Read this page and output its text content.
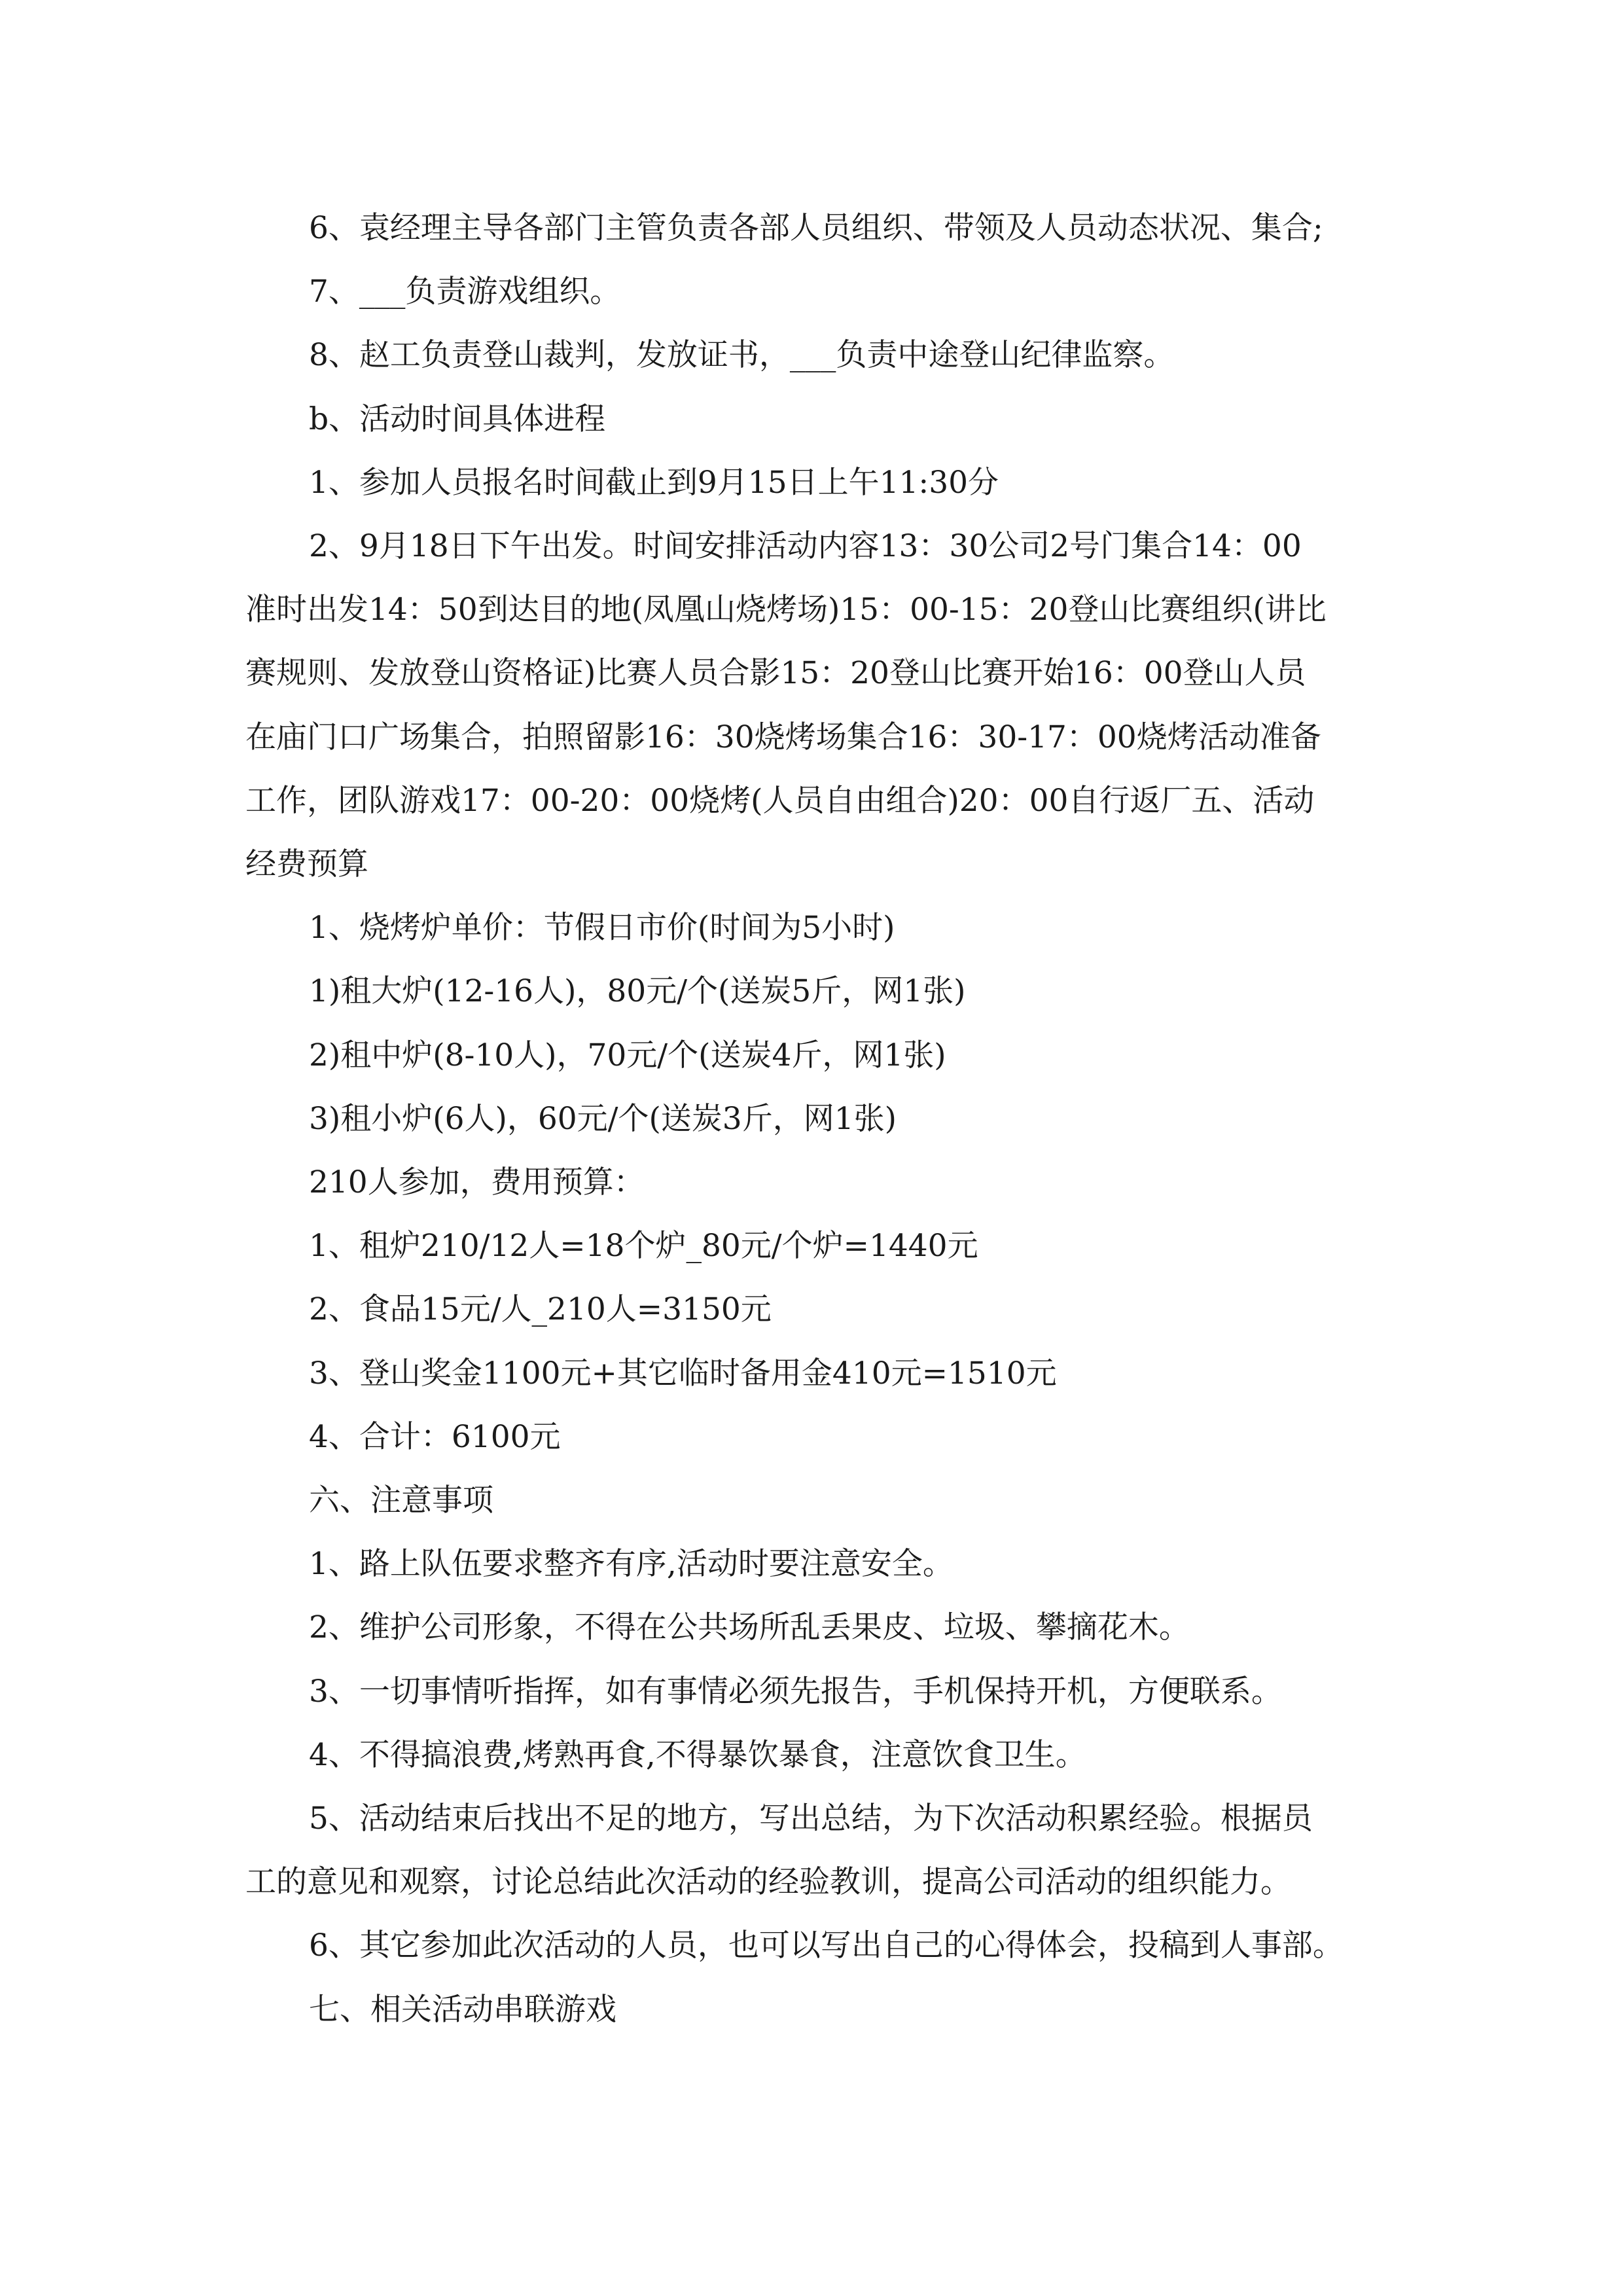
6、袁经理主导各部门主管负责各部人员组织、带领及人员动态状况、集合;
7、___负责游戏组织。
8、赵工负责登山裁判，发放证书，___负责中途登山纪律监察。
b、活动时间具体进程
1、参加人员报名时间截止到9月15日上午11:30分
2、9月18日下午出发。时间安排活动内容13：30公司2号门集合14：00
准时出发14：50到达目的地(凤凰山烧烤场)15：00-15：20登山比赛组织(讲比
赛规则、发放登山资格证)比赛人员合影15：20登山比赛开始16：00登山人员
在庙门口广场集合，拍照留影16：30烧烤场集合16：30-17：00烧烤活动准备
工作，团队游戏17：00-20：00烧烤(人员自由组合)20：00自行返厂五、活动
经费预算
1、烧烤炉单价：节假日市价(时间为5小时)
1)租大炉(12-16人)，80元/个(送炭5斤，网1张)
2)租中炉(8-10人)，70元/个(送炭4斤，网1张)
3)租小炉(6人)，60元/个(送炭3斤，网1张)
210人参加，费用预算：
1、租炉210/12人=18个炉_80元/个炉=1440元
2、食品15元/人_210人=3150元
3、登山奖金1100元+其它临时备用金410元=1510元
4、合计：6100元
六、注意事项
1、路上队伍要求整齐有序,活动时要注意安全。
2、维护公司形象，不得在公共场所乱丢果皮、垃圾、攀摘花木。
3、一切事情听指挥，如有事情必须先报告，手机保持开机，方便联系。
4、不得搞浪费,烤熟再食,不得暴饮暴食，注意饮食卫生。
5、活动结束后找出不足的地方，写出总结，为下次活动积累经验。根据员
工的意见和观察，讨论总结此次活动的经验教训，提高公司活动的组织能力。
6、其它参加此次活动的人员，也可以写出自己的心得体会，投稿到人事部。
七、相关活动串联游戏
